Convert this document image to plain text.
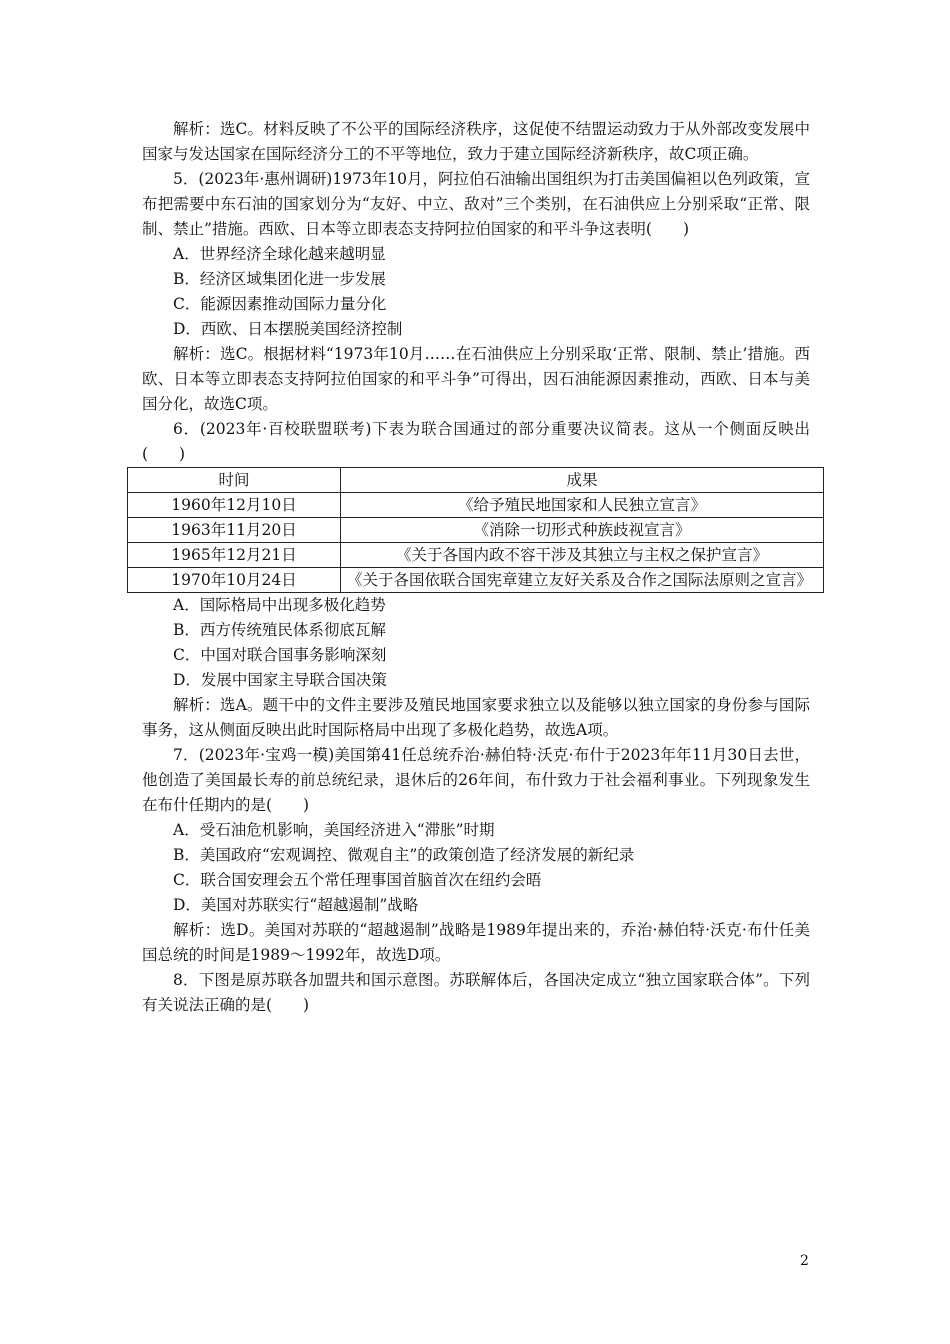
解析：选C。材料反映了不公平的国际经济秩序，这促使不结盟运动致力于从外部改变发展中国家与发达国家在国际经济分工的不平等地位，致力于建立国际经济新秩序，故C项正确。

5．(2023年·惠州调研)1973年10月，阿拉伯石油输出国组织为打击美国偏袒以色列政策，宣布把需要中东石油的国家划分为“友好、中立、敌对”三个类别，在石油供应上分别采取“正常、限制、禁止”措施。西欧、日本等立即表态支持阿拉伯国家的和平斗争这表明(　　)

A．世界经济全球化越来越明显

B．经济区域集团化进一步发展

C．能源因素推动国际力量分化

D．西欧、日本摆脱美国经济控制

解析：选C。根据材料“1973年10月……在石油供应上分别采取‘正常、限制、禁止’措施。西欧、日本等立即表态支持阿拉伯国家的和平斗争”可得出，因石油能源因素推动，西欧、日本与美国分化，故选C项。

6．(2023年·百校联盟联考)下表为联合国通过的部分重要决议简表。这从一个侧面反映出(　　)

时间	成果
1960年12月10日	《给予殖民地国家和人民独立宣言》
1963年11月20日	《消除一切形式种族歧视宣言》
1965年12月21日	《关于各国内政不容干涉及其独立与主权之保护宣言》
1970年10月24日	《关于各国依联合国宪章建立友好关系及合作之国际法原则之宣言》

A．国际格局中出现多极化趋势

B．西方传统殖民体系彻底瓦解

C．中国对联合国事务影响深刻

D．发展中国家主导联合国决策

解析：选A。题干中的文件主要涉及殖民地国家要求独立以及能够以独立国家的身份参与国际事务，这从侧面反映出此时国际格局中出现了多极化趋势，故选A项。

7．(2023年·宝鸡一模)美国第41任总统乔治·赫伯特·沃克·布什于2023年年11月30日去世，他创造了美国最长寿的前总统纪录，退休后的26年间，布什致力于社会福利事业。下列现象发生在布什任期内的是(　　)

A．受石油危机影响，美国经济进入“滞胀”时期

B．美国政府“宏观调控、微观自主”的政策创造了经济发展的新纪录

C．联合国安理会五个常任理事国首脑首次在纽约会晤

D．美国对苏联实行“超越遏制”战略

解析：选D。美国对苏联的“超越遏制”战略是1989年提出来的，乔治·赫伯特·沃克·布什任美国总统的时间是1989～1992年，故选D项。

8．下图是原苏联各加盟共和国示意图。苏联解体后，各国决定成立“独立国家联合体”。下列有关说法正确的是(　　)

2
